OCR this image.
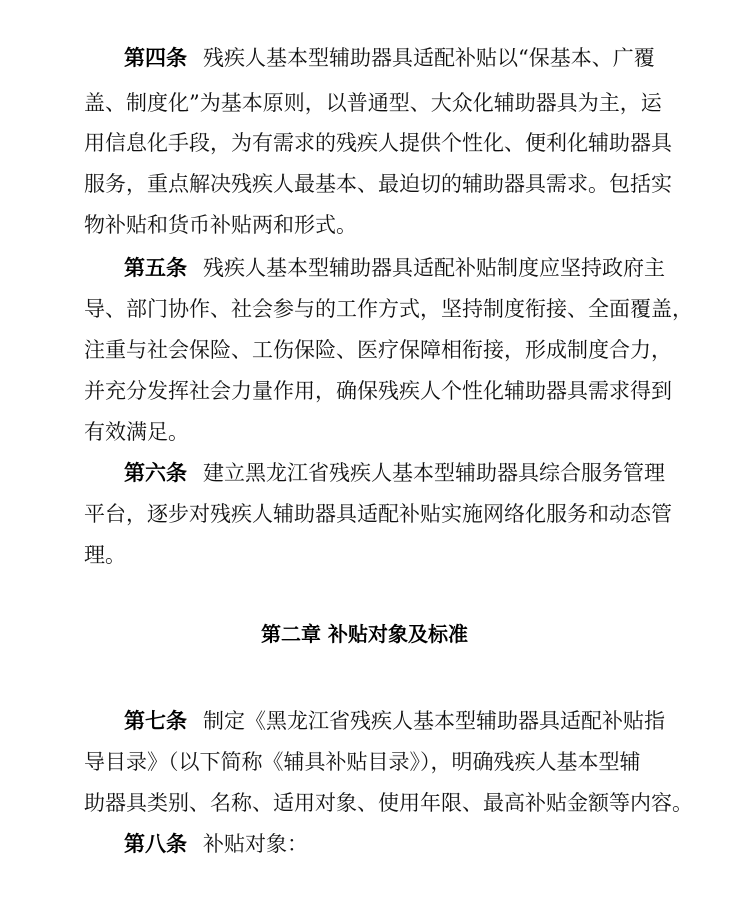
第四条 残疾人基本型辅助器具适配补贴以“保基本、广覆
盖、制度化”为基本原则，以普通型、大众化辅助器具为主，运
用信息化手段，为有需求的残疾人提供个性化、便利化辅助器具
服务，重点解决残疾人最基本、最迫切的辅助器具需求。包括实
物补贴和货币补贴两和形式。
第五条 残疾人基本型辅助器具适配补贴制度应坚持政府主
导、部门协作、社会参与的工作方式，坚持制度衔接、全面覆盖，
注重与社会保险、工伤保险、医疗保障相衔接，形成制度合力，
并充分发挥社会力量作用，确保残疾人个性化辅助器具需求得到
有效满足。
第六条 建立黑龙江省残疾人基本型辅助器具综合服务管理
平台，逐步对残疾人辅助器具适配补贴实施网络化服务和动态管
理。
第二章 补贴对象及标准
第七条 制定《黑龙江省残疾人基本型辅助器具适配补贴指
导目录》（以下简称《辅具补贴目录》），明确残疾人基本型辅
助器具类别、名称、适用对象、使用年限、最高补贴金额等内容。
第八条 补贴对象：
